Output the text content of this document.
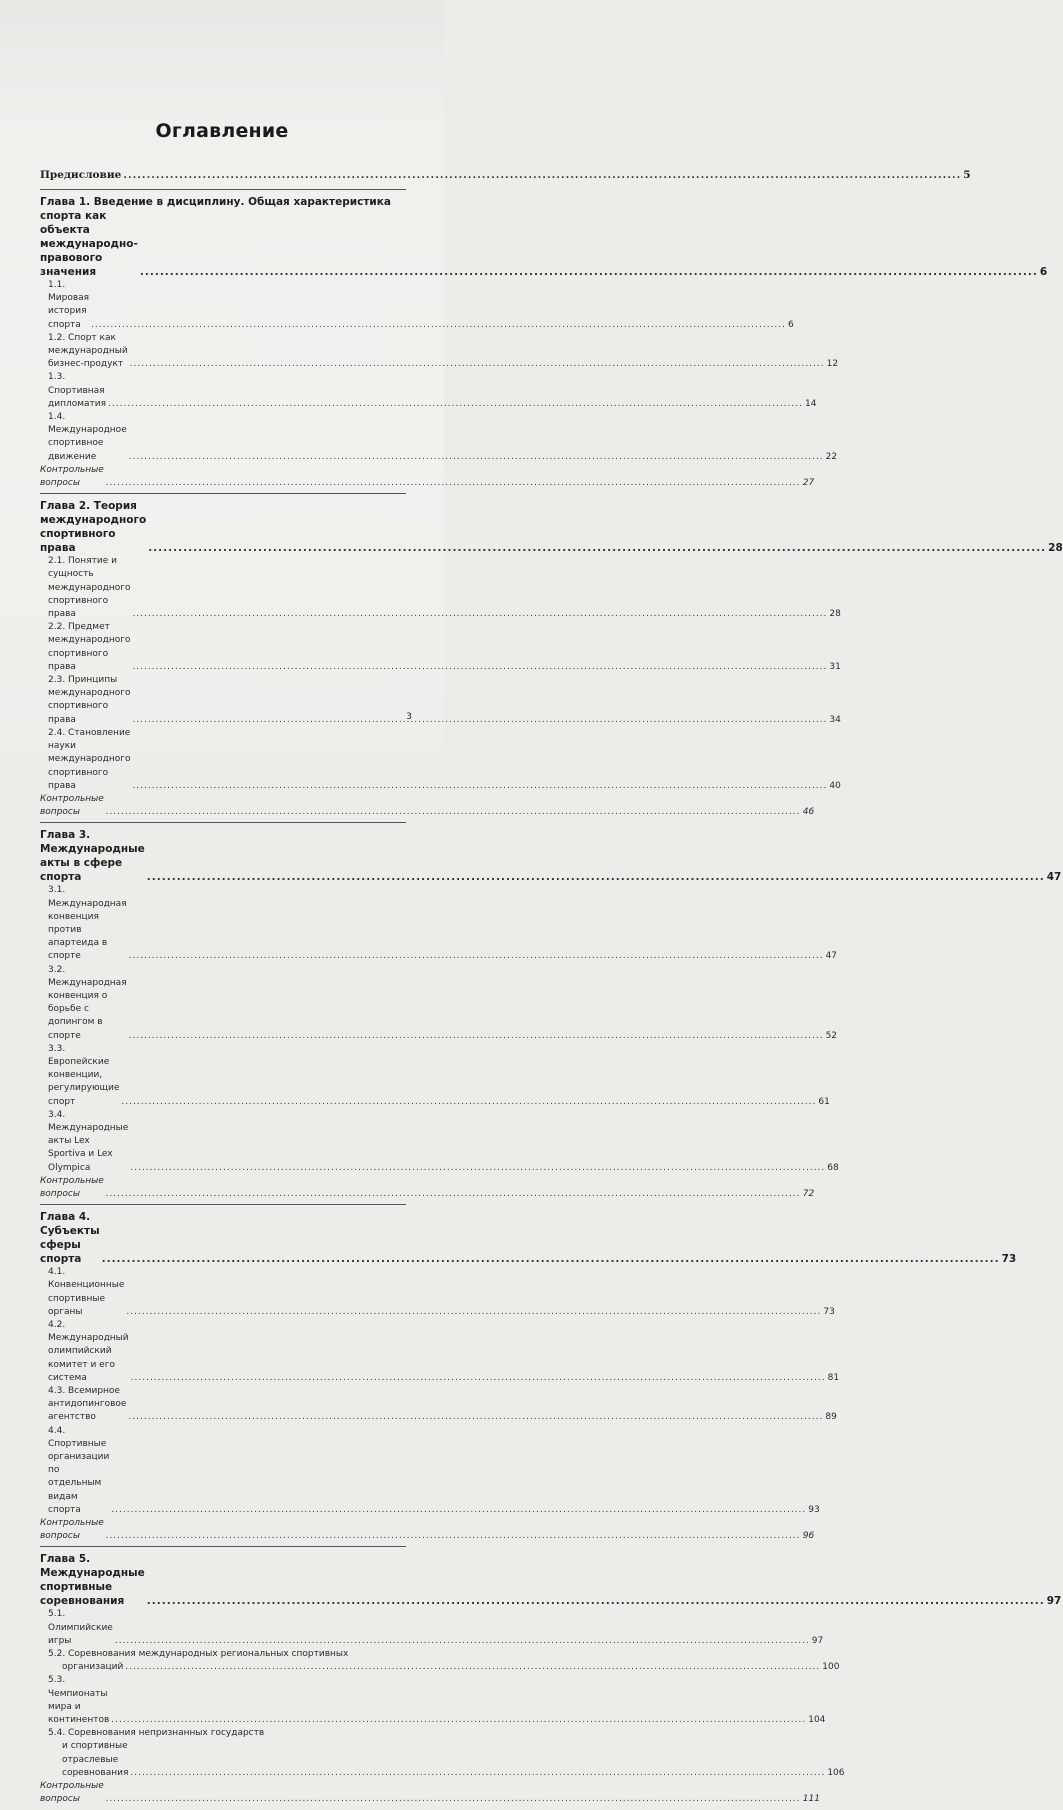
Оглавление
Предисловие .....	5
Глава 1. Введение в дисциплину. Общая характеристика
спорта как объекта международно-правового значения .....	6
1.1. Мировая история спорта .....	6
1.2. Спорт как международный бизнес-продукт .....	12
1.3. Спортивная дипломатия .....	14
1.4. Международное спортивное движение .....	22
Контрольные вопросы .....	27
Глава 2. Теория международного спортивного права .....	28
2.1. Понятие и сущность международного спортивного права .....	28
2.2. Предмет международного спортивного права .....	31
2.3. Принципы международного спортивного права .....	34
2.4. Становление науки международного спортивного права .....	40
Контрольные вопросы .....	46
Глава 3. Международные акты в сфере спорта .....	47
3.1. Международная конвенция против апартеида в спорте .....	47
3.2. Международная конвенция о борьбе с допингом в спорте .....	52
3.3. Европейские конвенции, регулирующие спорт .....	61
3.4. Международные акты Lex Sportiva и Lex Olympica .....	68
Контрольные вопросы .....	72
Глава 4. Субъекты сферы спорта .....	73
4.1. Конвенционные спортивные органы .....	73
4.2. Международный олимпийский комитет и его система .....	81
4.3. Всемирное антидопинговое агентство .....	89
4.4. Спортивные организации по отдельным видам спорта .....	93
Контрольные вопросы .....	96
Глава 5. Международные спортивные соревнования .....	97
5.1. Олимпийские игры .....	97
5.2. Соревнования международных региональных спортивных
организаций .....	100
5.3. Чемпионаты мира и континентов .....	104
5.4. Соревнования непризнанных государств
и спортивные отраслевые соревнования .....	106
Контрольные вопросы .....	111
3
